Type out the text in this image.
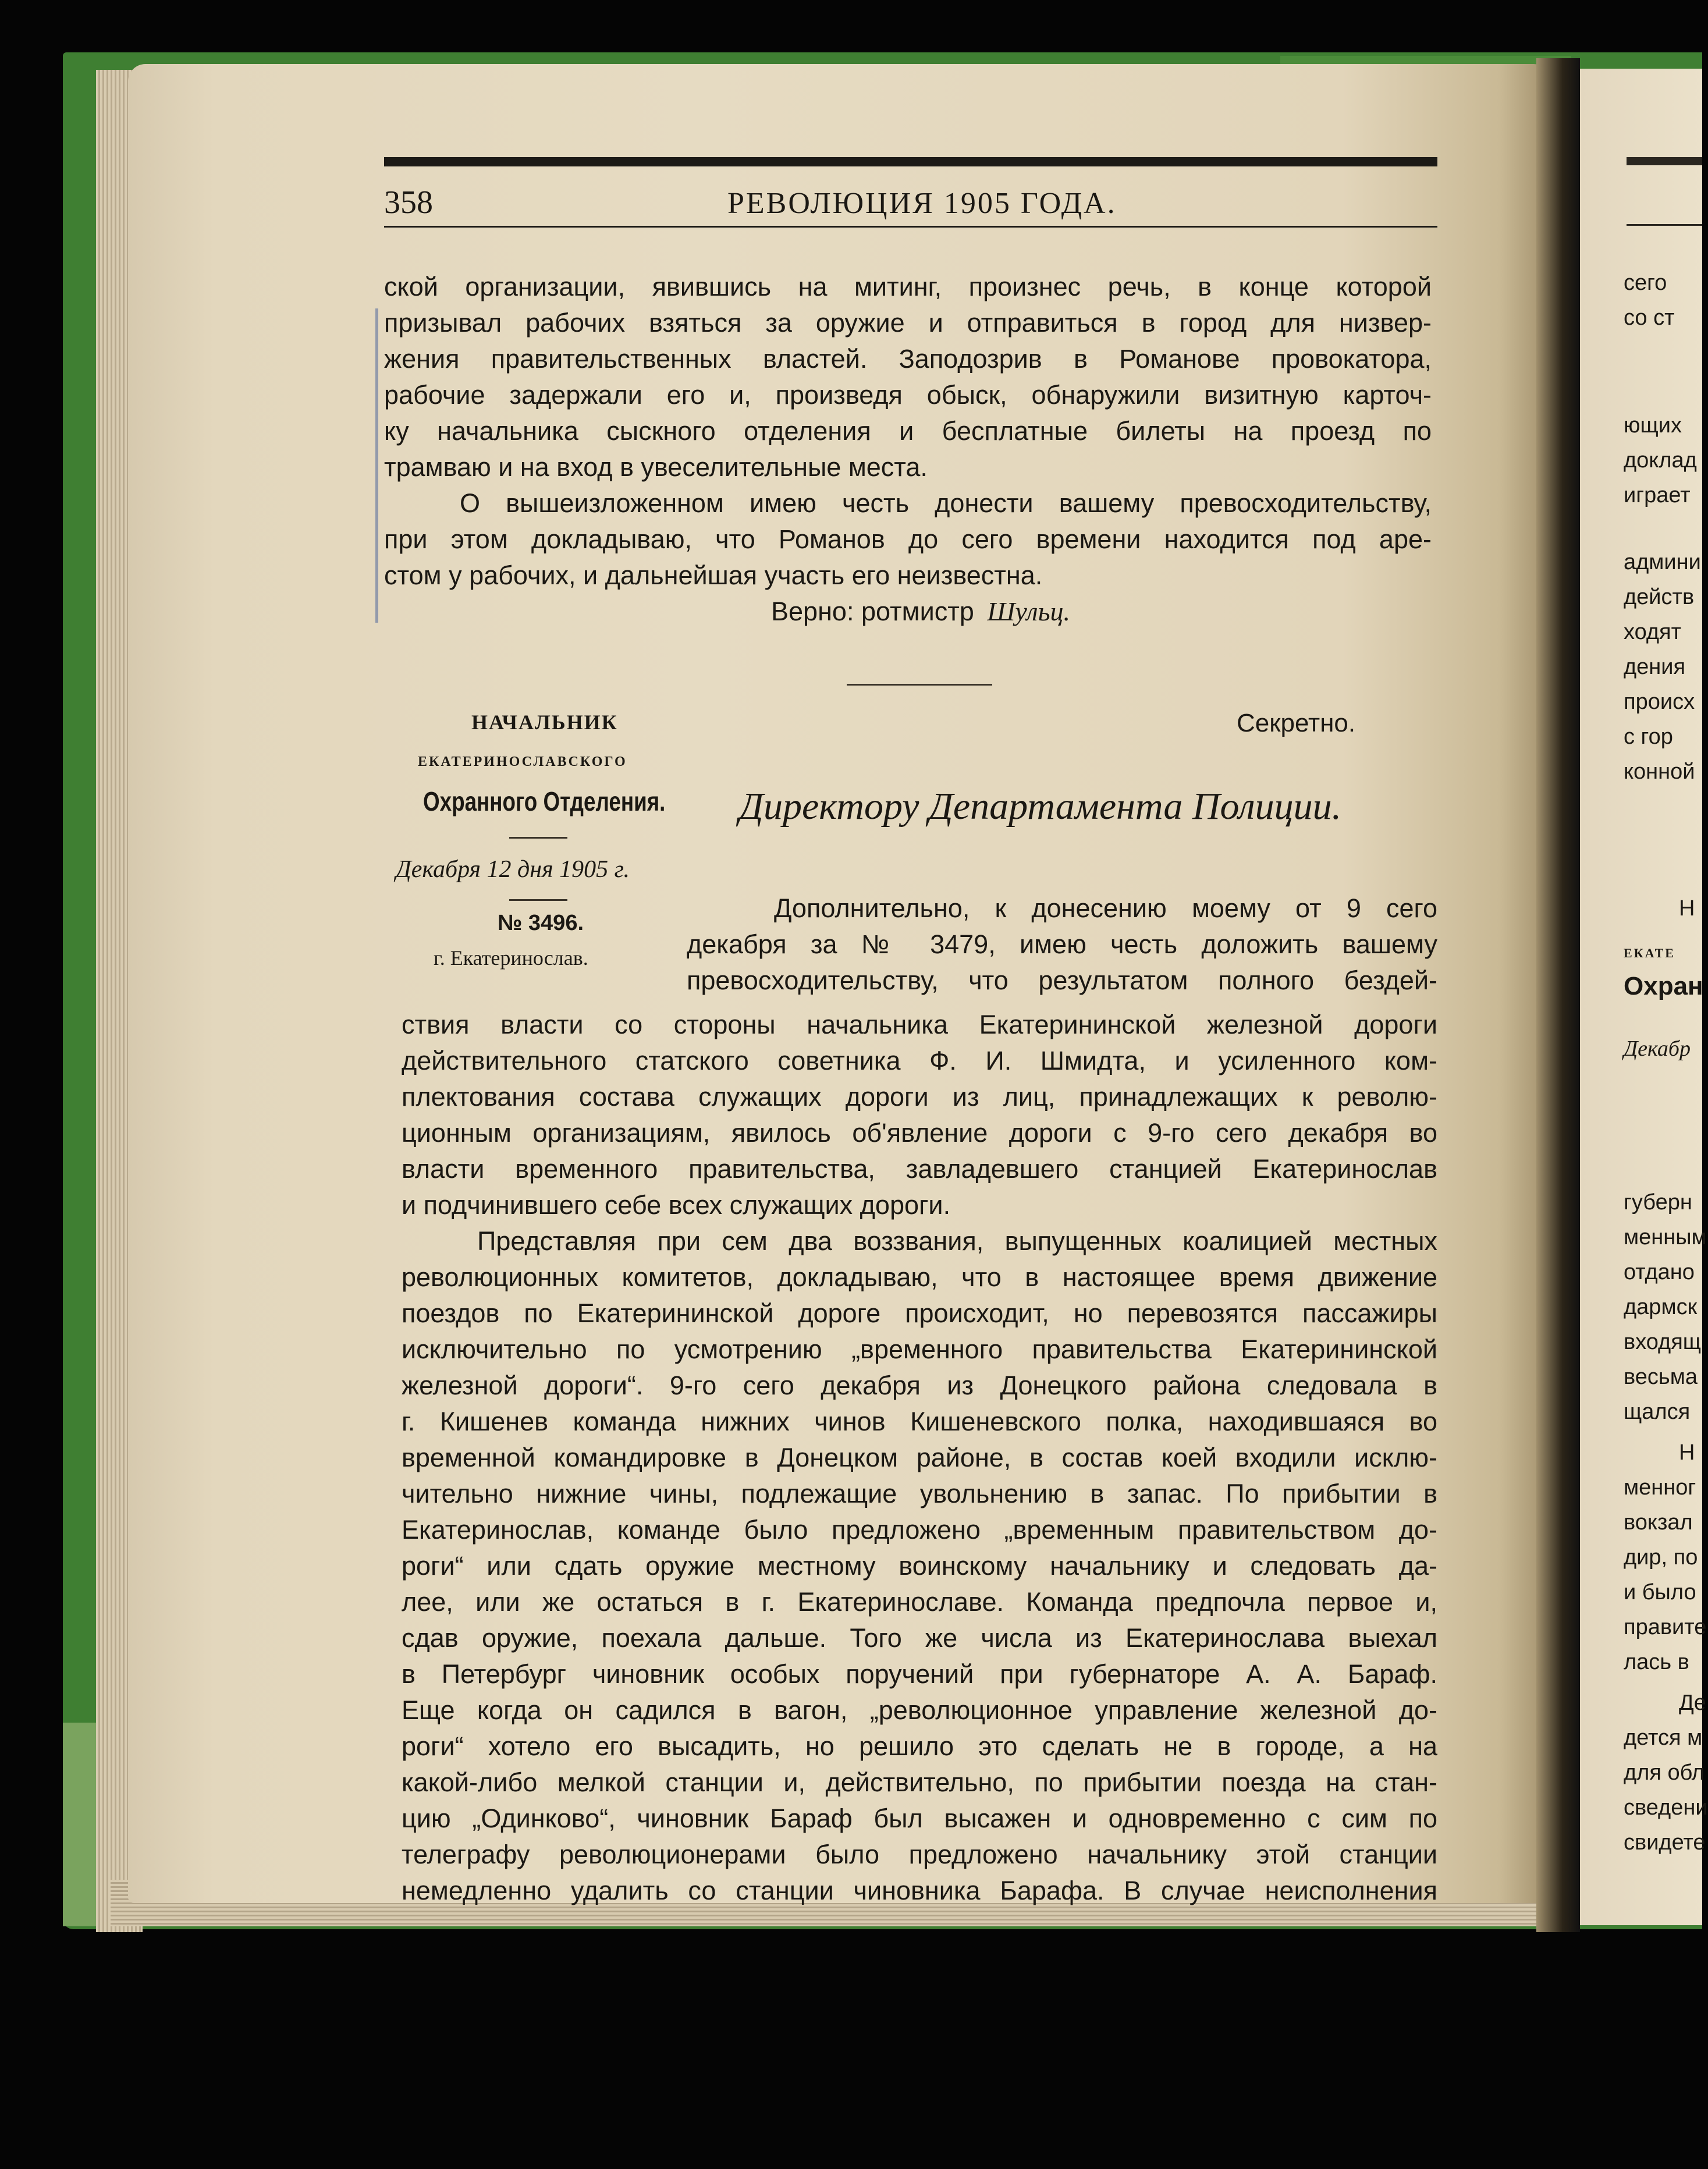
358	РЕВОЛЮЦИЯ 1905 ГОДА.
ской организации, явившись на митинг, произнес речь, в конце которой
призывал рабочих взяться за оружие и отправиться в город для низвер-
жения правительственных властей. Заподозрив в Романове провокатора,
рабочие задержали его и, произведя обыск, обнаружили визитную карточ-
ку начальника сыскного отделения и бесплатные билеты на проезд по
трамваю и на вход в увеселительные места.
О вышеизложенном имею честь донести вашему превосходительству,
при этом докладываю, что Романов до сего времени находится под аре-
стом у рабочих, и дальнейшая участь его неизвестна.
Верно: ротмистр Шульц.
НАЧАЛЬНИК
ЕКАТЕРИНОСЛАВСКОГО
Охранного Отделения.
Декабря 12 дня 1905 г.
№ 3496.
г. Екатеринослав.
Секретно.
Директору Департамента Полиции.
Дополнительно, к донесению моему от 9 сего
декабря за № 3479, имею честь доложить вашему
превосходительству, что результатом полного бездей-
ствия власти со стороны начальника Екатерининской железной дороги
действительного статского советника Ф. И. Шмидта, и усиленного ком-
плектования состава служащих дороги из лиц, принадлежащих к револю-
ционным организациям, явилось об'явление дороги с 9-го сего декабря во
власти временного правительства, завладевшего станцией Екатеринослав
и подчинившего себе всех служащих дороги.
Представляя при сем два воззвания, выпущенных коалицией местных
революционных комитетов, докладываю, что в настоящее время движение
поездов по Екатерининской дороге происходит, но перевозятся пассажиры
исключительно по усмотрению „временного правительства Екатерининской
железной дороги“. 9-го сего декабря из Донецкого района следовала в
г. Кишенев команда нижних чинов Кишеневского полка, находившаяся во
временной командировке в Донецком районе, в состав коей входили исклю-
чительно нижние чины, подлежащие увольнению в запас. По прибытии в
Екатеринослав, команде было предложено „временным правительством до-
роги“ или сдать оружие местному воинскому начальнику и следовать да-
лее, или же остаться в г. Екатеринославе. Команда предпочла первое и,
сдав оружие, поехала дальше. Того же числа из Екатеринослава выехал
в Петербург чиновник особых поручений при губернаторе А. А. Бараф.
Еще когда он садился в вагон, „революционное управление железной до-
роги“ хотело его высадить, но решило это сделать не в городе, а на
какой-либо мелкой станции и, действительно, по прибытии поезда на стан-
цию „Одинково“, чиновник Бараф был высажен и одновременно с сим по
телеграфу революционерами было предложено начальнику этой станции
немедленно удалить со станции чиновника Барафа. В случае неисполнения
сего
со ст
ющих
доклад
играет
админи
действ
ходят
дения
происх
с гор
конной
Н
ЕКАТЕ
Охран
Декабр
губерн
менным
отдано
дармск
входящ
весьма
щался
Н
менног
вокзал
дир, по
и было
правите
лась в
Де
дется м
для обл
сведени
свидете
